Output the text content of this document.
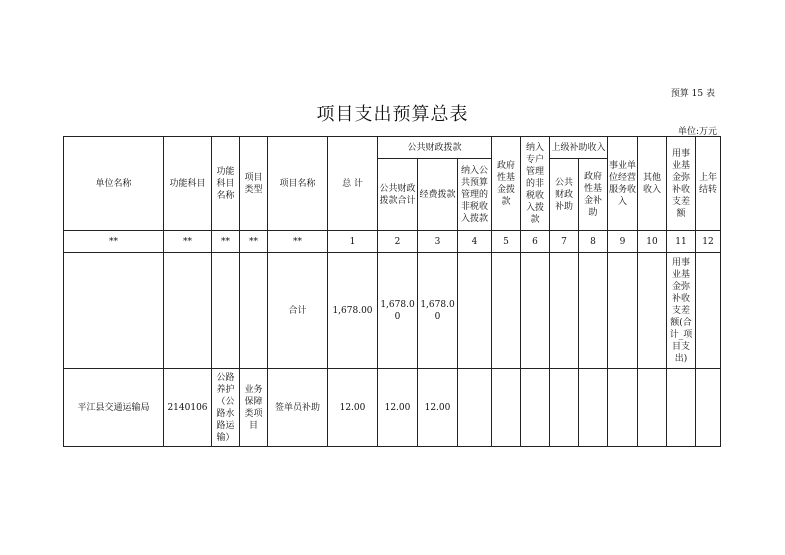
预算 15 表
项目支出预算总表
单位:万元
单位名称	功能科目	功能科目名称	项目类型	项目名称	总 计	公共财政拨款			政府性基金拨款	纳入专户管理的非税收入拨款	上级补助收入		事业单位经营服务收入	其他收入	用事业基金弥补收支差额	上年结转
						公共财政拨款合计	经费拨款	纳入公共预算管理的非税收入拨款			公共财政补助	政府性基金补助				
**	**	**	**	**	1	2	3	4	5	6	7	8	9	10	11	12
				合计	1,678.00	1,678.00	1,678.00								用事业基金弥补收支差额(合计_项目支出)	
平江县交通运输局	2140106	公路养护（公路水路运输）	业务保障类项目	签单员补助	12.00	12.00	12.00									
